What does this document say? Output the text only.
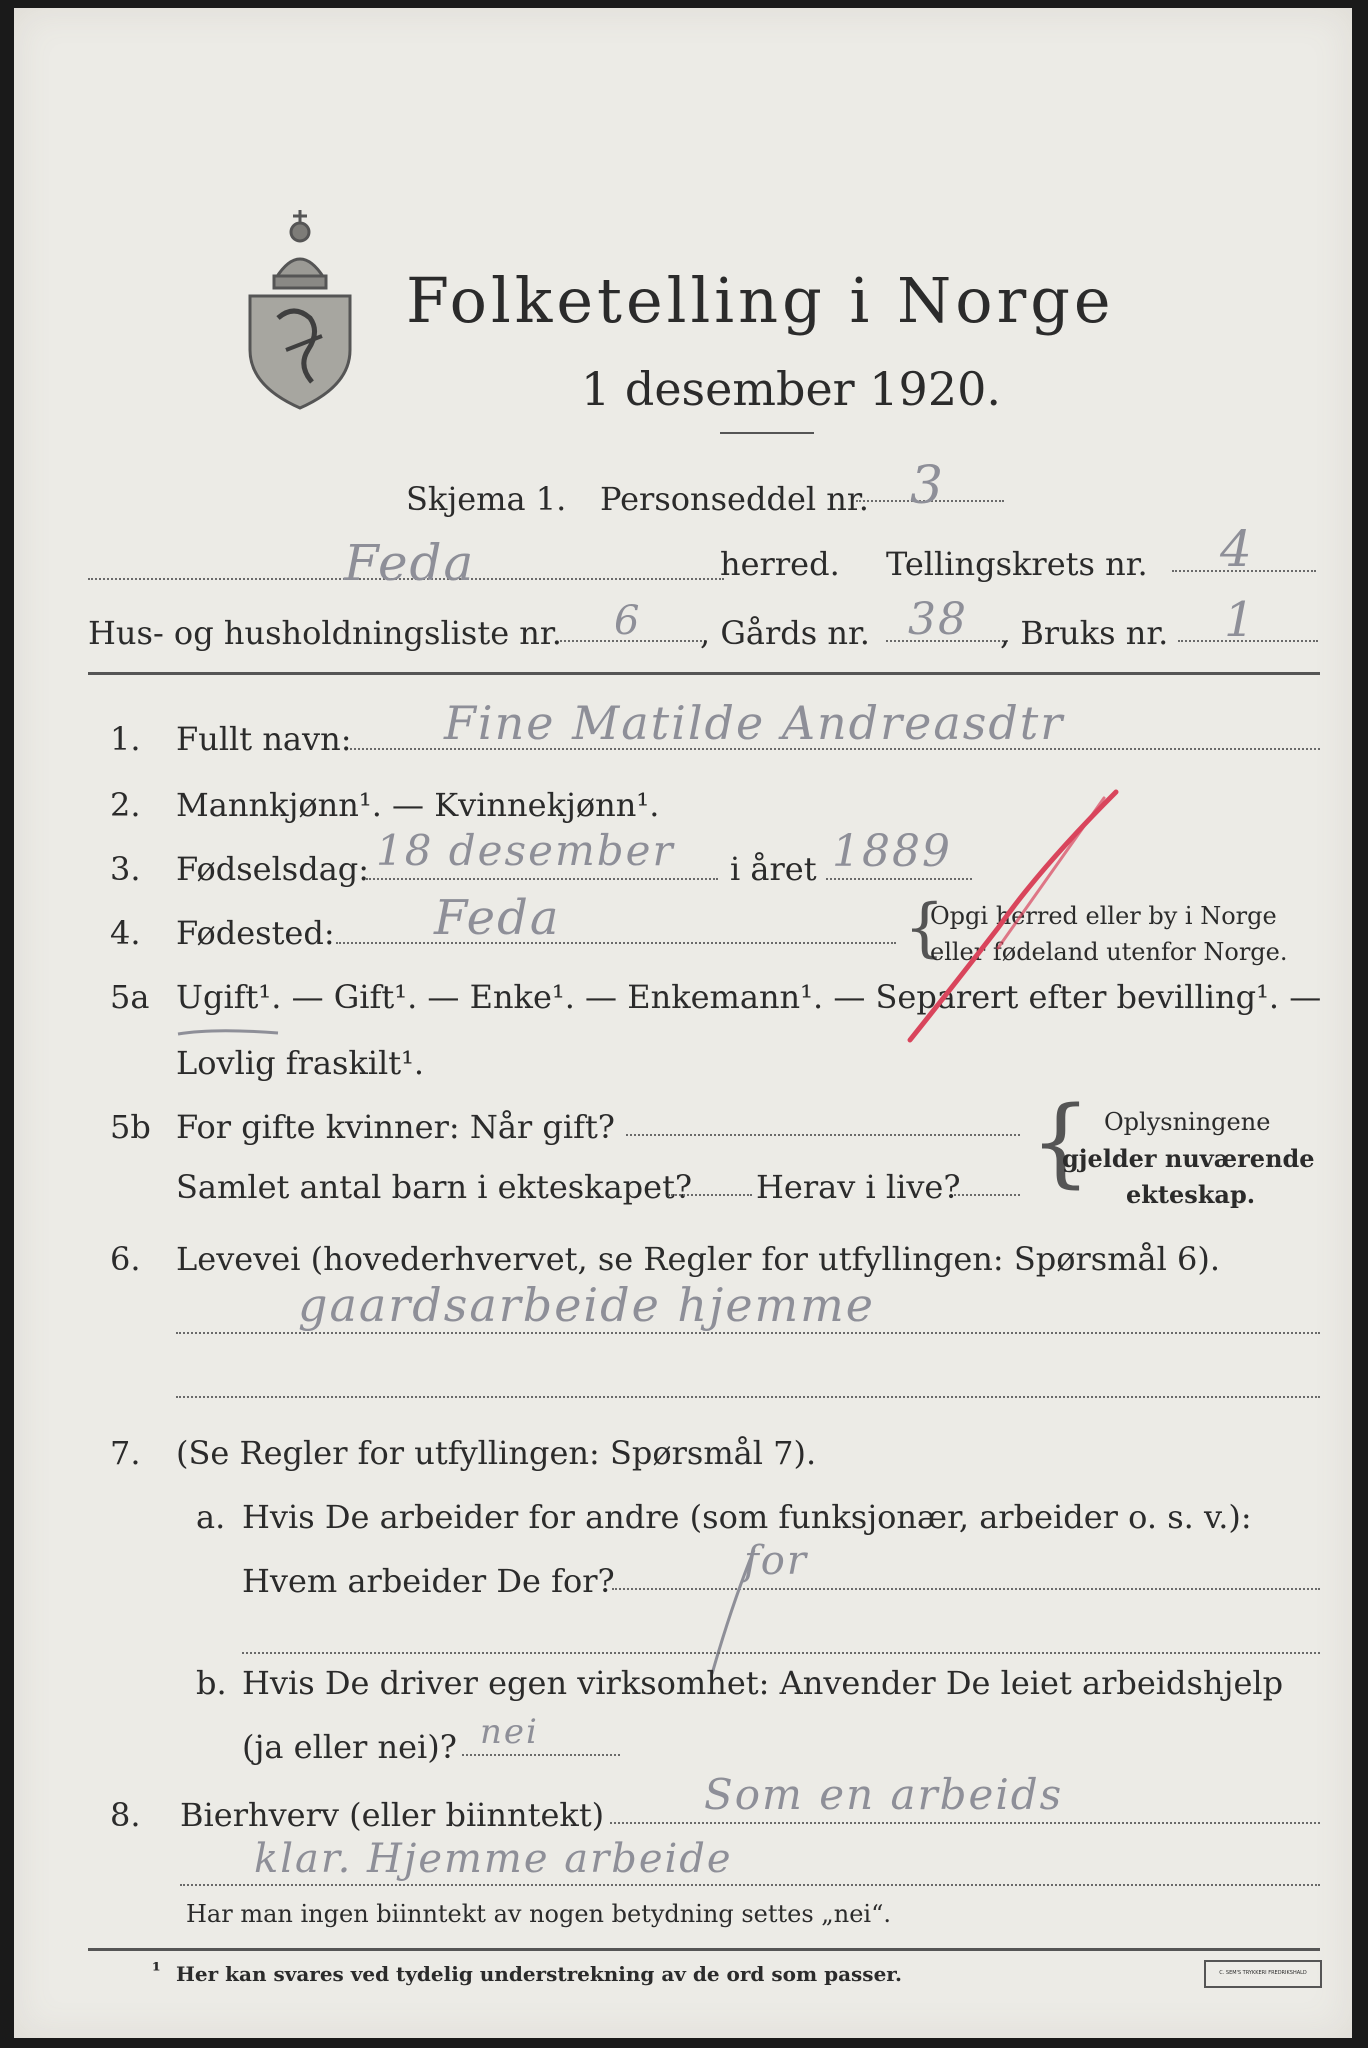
Folketelling i Norge
1 desember 1920.
Skjema 1. Personseddel nr. 3
Feda	herred. Tellingskrets nr. 4
Hus- og husholdningsliste nr. 6 , Gårds nr. 38 , Bruks nr. 1
1. Fullt navn: Fine Matilde Andreasdtr
2. Mannkjønn¹. — Kvinnekjønn¹.
3. Fødselsdag: 18 desember i året 1889
4. Fødested: Feda	{
Opgi herred eller by i Norge
eller fødeland utenfor Norge.
5a Ugift¹. — Gift¹. — Enke¹. — Enkemann¹. — Separert efter bevilling¹. —
Lovlig fraskilt¹.
5b For gifte kvinner: Når gift?
Samlet antal barn i ekteskapet? Herav i live? { Oplysningene
gjelder nuværende
ekteskap.
6. Levevei (hovederhvervet, se Regler for utfyllingen: Spørsmål 6).
gaardsarbeide hjemme
7. (Se Regler for utfyllingen: Spørsmål 7).
a. Hvis De arbeider for andre (som funksjonær, arbeider o. s. v.):
Hvem arbeider De for?	for
b. Hvis De driver egen virksomhet: Anvender De leiet arbeidshjelp
(ja eller nei)? nei
8. Bierhverv (eller biinntekt) Som en arbeids
klar. Hjemme arbeide
Har man ingen biinntekt av nogen betydning settes „nei“.
¹ Her kan svares ved tydelig understrekning av de ord som passer.	C. SEM'S TRYKKERI FREDRIKSHALD
